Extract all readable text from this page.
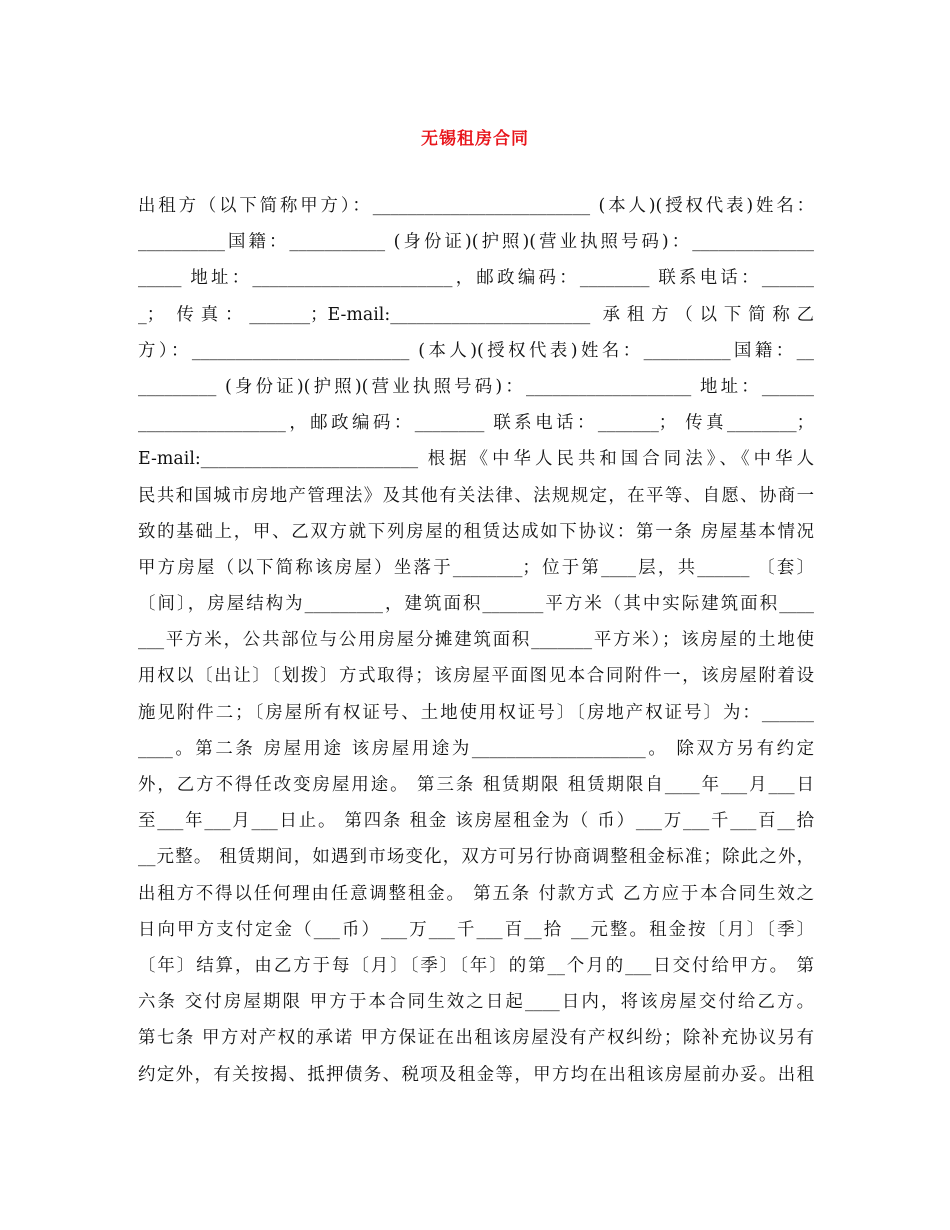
无锡租房合同
出租方（以下简称甲方）：_________________________ (本人)(授权代表)姓名：
__________国籍：___________ (身份证)(护照)(营业执照号码)：______________
_____ 地址：_______________________，邮政编码：________ 联系电话：______
_； 传真：_______；E-mail:_______________________ 承租方（以下简称乙
方）：_________________________ (本人)(授权代表)姓名：__________国籍：__
_________ (身份证)(护照)(营业执照号码)：___________________ 地址：______
_________________，邮政编码：________ 联系电话：_______； 传真________；
E-mail:_________________________ 根据《中华人民共和国合同法》、《中华人
民共和国城市房地产管理法》及其他有关法律、法规规定，在平等、自愿、协商一
致的基础上，甲、乙双方就下列房屋的租赁达成如下协议：第一条 房屋基本情况
甲方房屋（以下简称该房屋）坐落于________；位于第____层，共______ 〔套〕
〔间〕，房屋结构为_________，建筑面积_______平方米（其中实际建筑面积____
___平方米，公共部位与公用房屋分摊建筑面积_______平方米）；该房屋的土地使
用权以〔出让〕〔划拨〕方式取得；该房屋平面图见本合同附件一，该房屋附着设
施见附件二；〔房屋所有权证号、土地使用权证号〕〔房地产权证号〕为：______
____。第二条 房屋用途 该房屋用途为____________________。 除双方另有约定
外，乙方不得任改变房屋用途。 第三条 租赁期限 租赁期限自____年___月___日
至___年___月___日止。 第四条 租金 该房屋租金为（ 币）___万___千___百__拾
__元整。 租赁期间，如遇到市场变化，双方可另行协商调整租金标准；除此之外，
出租方不得以任何理由任意调整租金。 第五条 付款方式 乙方应于本合同生效之
日向甲方支付定金（___币）___万___千___百__拾 __元整。租金按〔月〕〔季〕
〔年〕结算，由乙方于每〔月〕〔季〕〔年〕的第__个月的___日交付给甲方。 第
六条 交付房屋期限 甲方于本合同生效之日起____日内，将该房屋交付给乙方。
第七条 甲方对产权的承诺 甲方保证在出租该房屋没有产权纠纷；除补充协议另有
约定外，有关按揭、抵押债务、税项及租金等，甲方均在出租该房屋前办妥。出租
